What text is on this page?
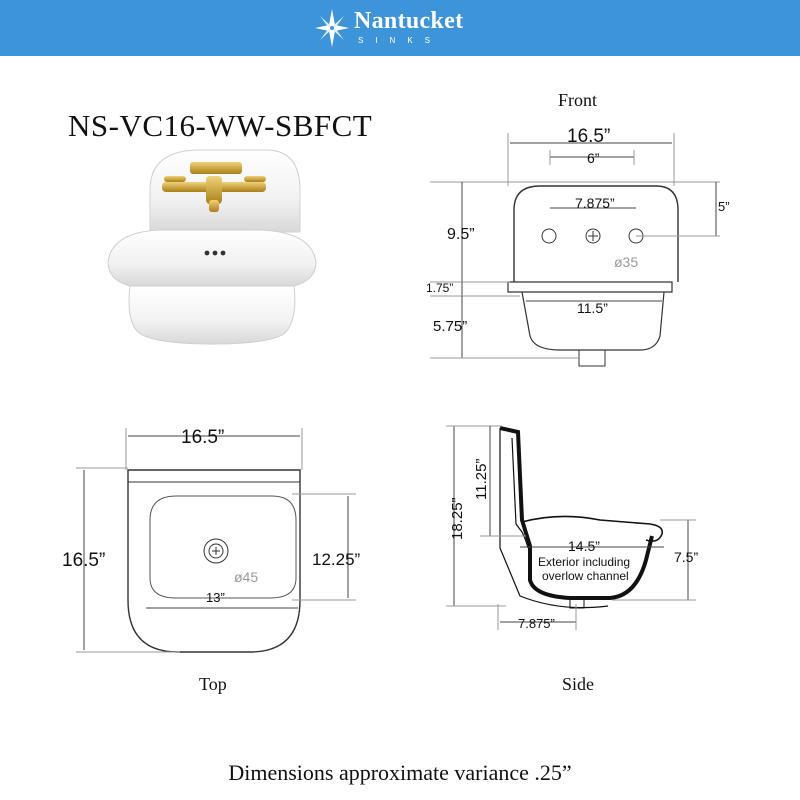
Nantucket
SINKS
NS-VC16-WW-SBFCT
Front
Top	Side
Dimensions approximate variance .25”
16.5”
6”
7.875”	5”
9.5”
ø35
1.75”
11.5”
5.75”
16.5”
16.5”	12.25”
ø45
13”
18.25”
11.25”
14.5”
Exterior including
overlow channel
7.5”
7.875”
